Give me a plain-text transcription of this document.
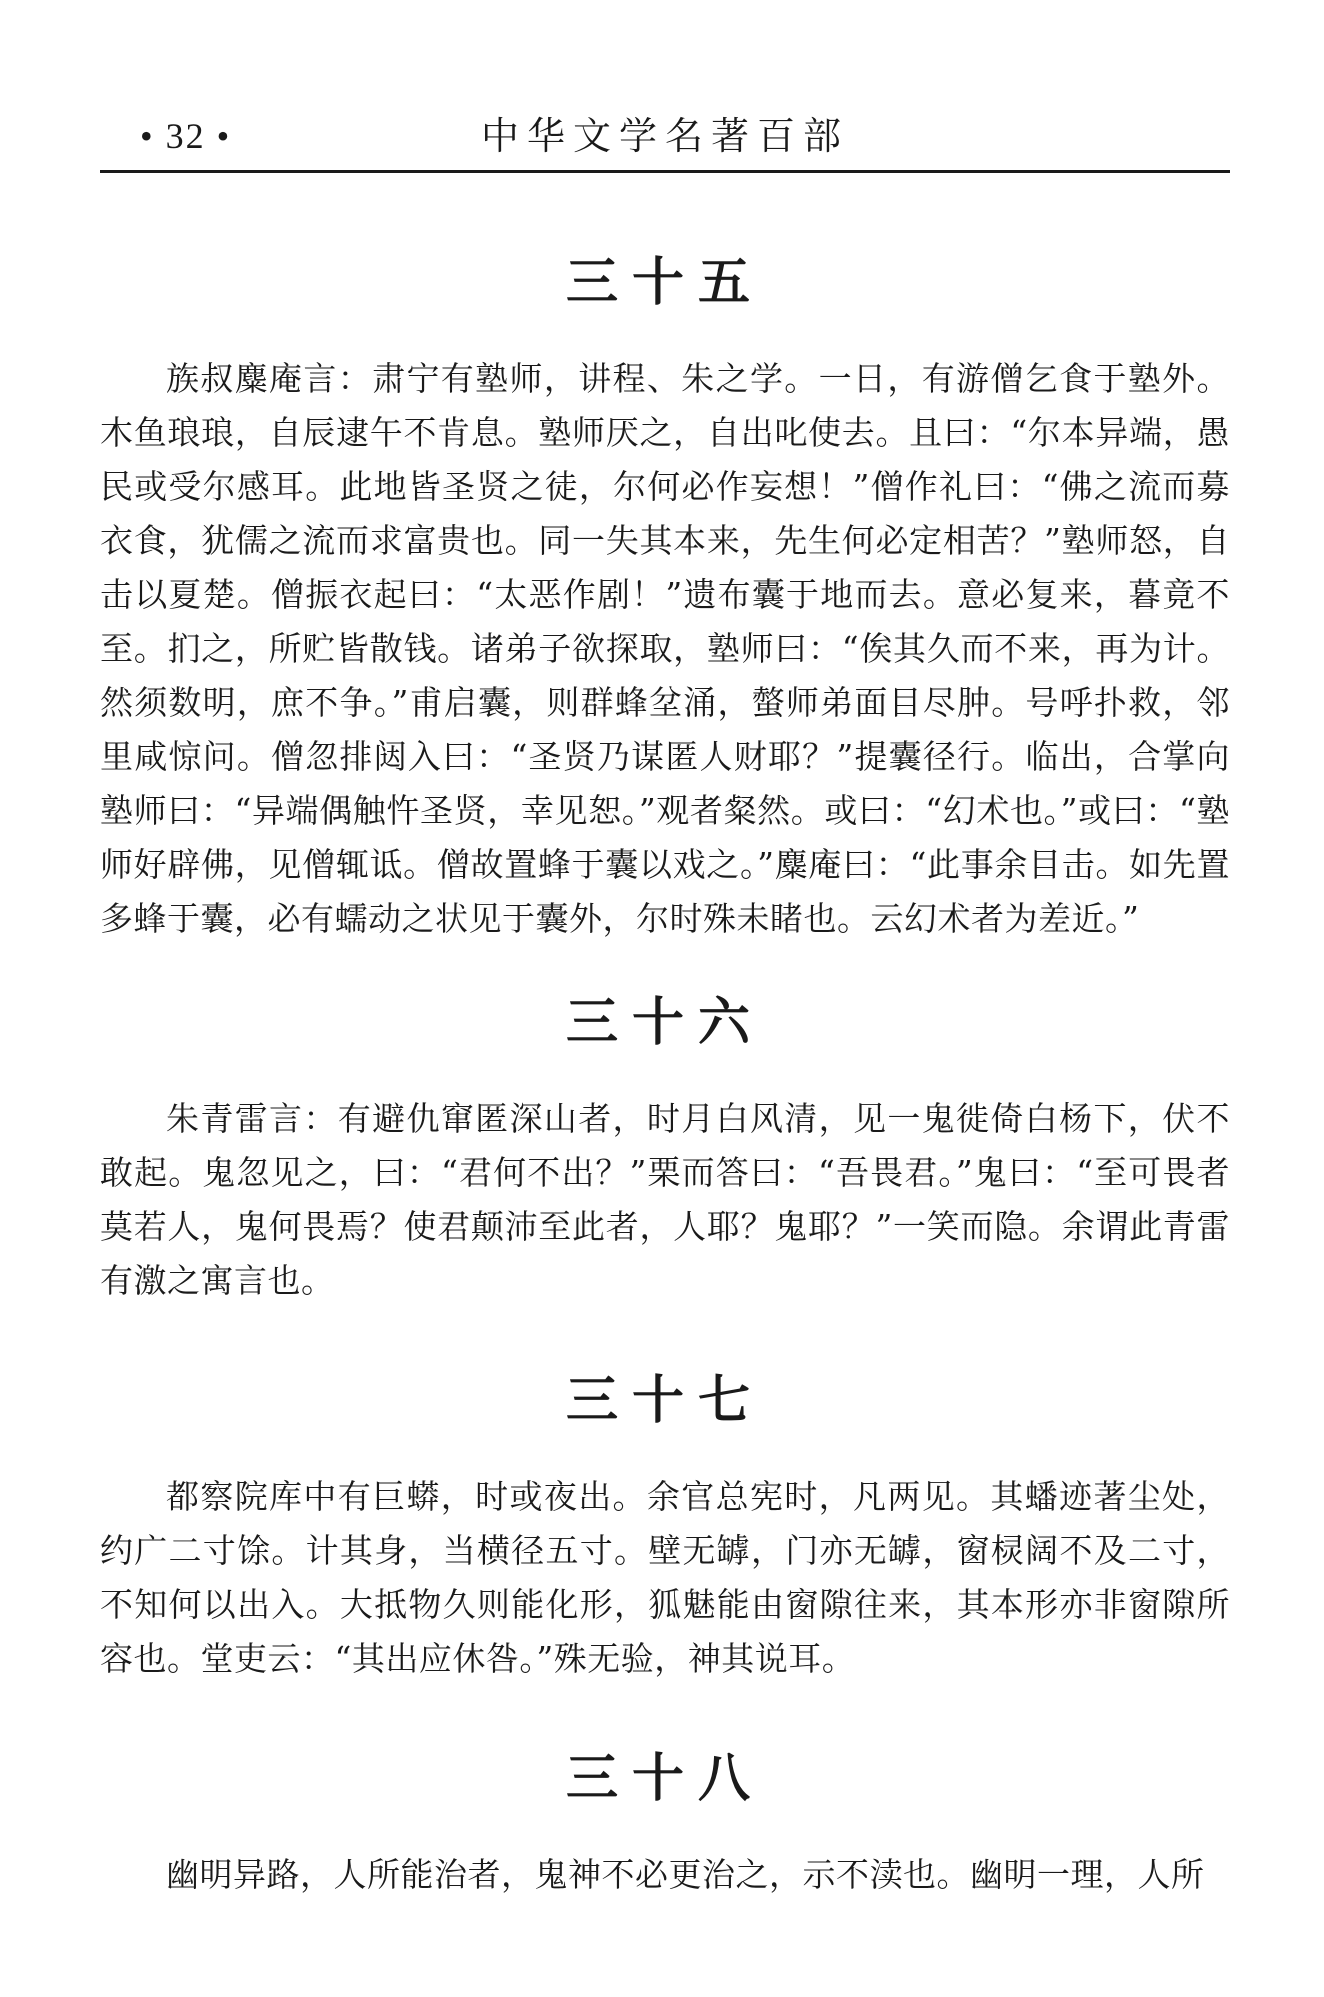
• 32 •	中华文学名著百部
三十五

族叔麋庵言：肃宁有塾师，讲程、朱之学。一日，有游僧乞食于塾外。木鱼琅琅，自辰逮午不肯息。塾师厌之，自出叱使去。且曰：“尔本异端，愚民或受尔感耳。此地皆圣贤之徒，尔何必作妄想！”僧作礼曰：“佛之流而募衣食，犹儒之流而求富贵也。同一失其本来，先生何必定相苦？”塾师怒，自击以夏楚。僧振衣起曰：“太恶作剧！”遗布囊于地而去。意必复来，暮竟不至。扪之，所贮皆散钱。诸弟子欲探取，塾师曰：“俟其久而不来，再为计。然须数明，庶不争。”甫启囊，则群蜂坌涌，螫师弟面目尽肿。号呼扑救，邻里咸惊问。僧忽排闼入曰：“圣贤乃谋匿人财耶？”提囊径行。临出，合掌向塾师曰：“异端偶触忤圣贤，幸见恕。”观者粲然。或曰：“幻术也。”或曰：“塾师好辟佛，见僧辄诋。僧故置蜂于囊以戏之。”麋庵曰：“此事余目击。如先置多蜂于囊，必有蠕动之状见于囊外，尔时殊未睹也。云幻术者为差近。”

三十六

朱青雷言：有避仇窜匿深山者，时月白风清，见一鬼徙倚白杨下，伏不敢起。鬼忽见之，曰：“君何不出？”栗而答曰：“吾畏君。”鬼曰：“至可畏者莫若人，鬼何畏焉？使君颠沛至此者，人耶？鬼耶？”一笑而隐。余谓此青雷有激之寓言也。

三十七

都察院库中有巨蟒，时或夜出。余官总宪时，凡两见。其蟠迹著尘处，约广二寸馀。计其身，当横径五寸。壁无罅，门亦无罅，窗棂阔不及二寸，不知何以出入。大抵物久则能化形，狐魅能由窗隙往来，其本形亦非窗隙所容也。堂吏云：“其出应休咎。”殊无验，神其说耳。

三十八

幽明异路，人所能治者，鬼神不必更治之，示不渎也。幽明一理，人所
